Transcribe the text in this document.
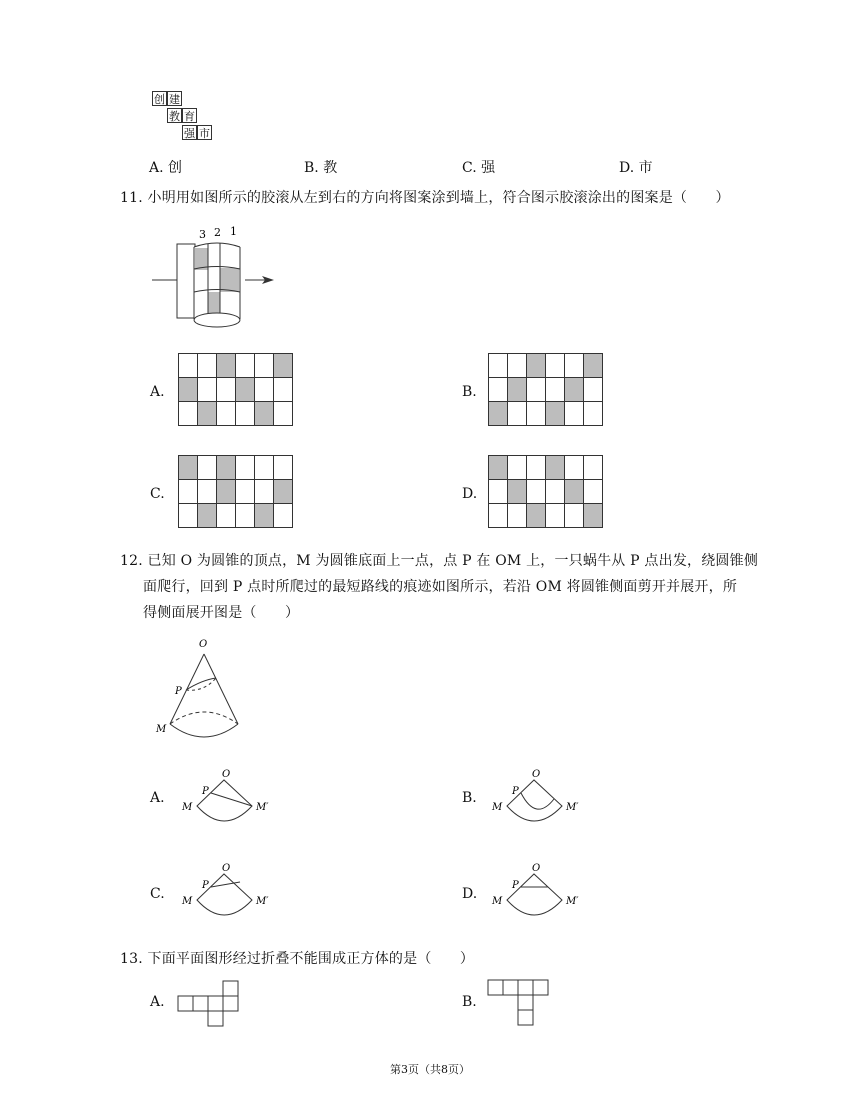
创 建
教 育
强 市
A. 创	B. 教	C. 强	D. 市
11. 小明用如图所示的胶滚从左到右的方向将图案涂到墙上，符合图示胶滚涂出的图案是（　　）
3 2 1
A.

						B.

C.

						D.

12. 已知 O 为圆锥的顶点，M 为圆锥底面上一点，点 P 在 OM 上，一只蜗牛从 P 点出发，绕圆锥侧
面爬行，回到 P 点时所爬过的最短路线的痕迹如图所示，若沿 OM 将圆锥侧面剪开并展开，所
得侧面展开图是（　　）
O
P
M
A.
O
P
M	M′
B.
O
P
M	M′
C.
O
P
M	M′	D.
O
P
M	M′
13. 下面平面图形经过折叠不能围成正方体的是（　　）
A.	B.
第3页（共8页）
